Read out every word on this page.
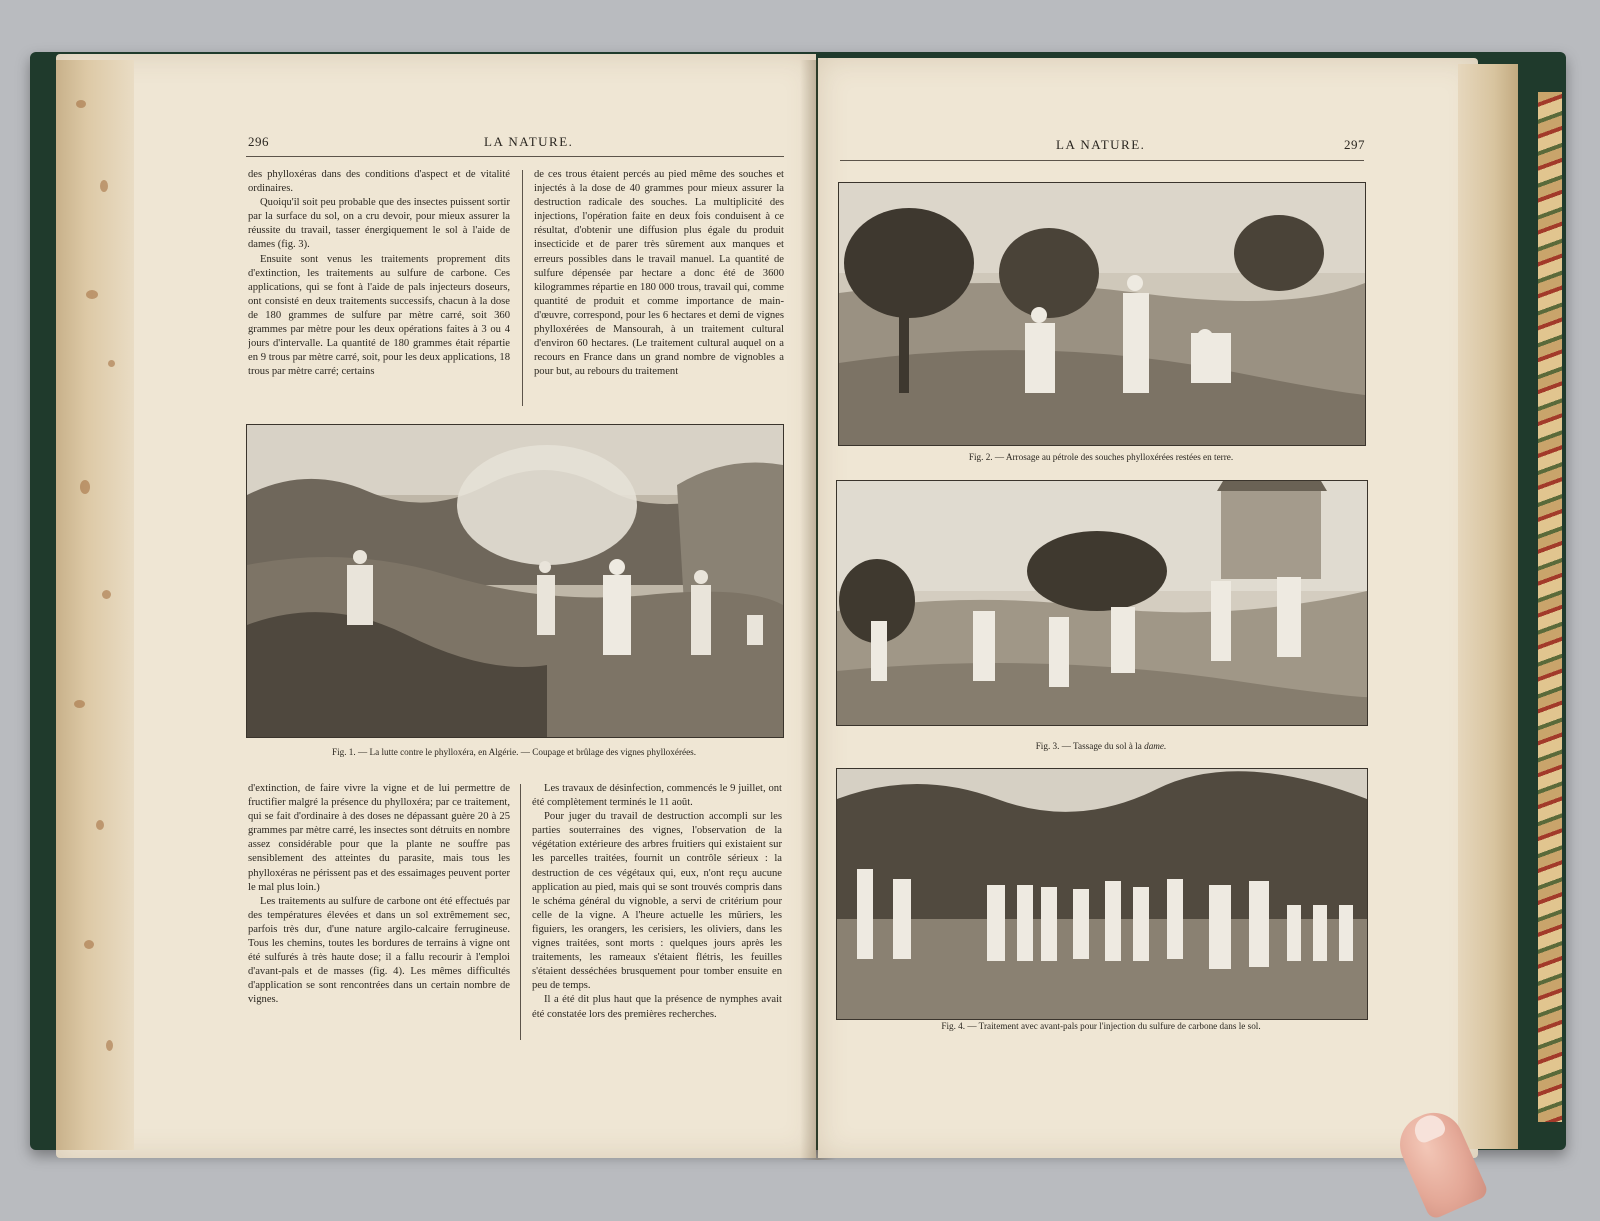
296	LA NATURE.

des phylloxéras dans des conditions d'aspect et de vitalité ordinaires.

Quoiqu'il soit peu probable que des insectes puissent sortir par la surface du sol, on a cru devoir, pour mieux assurer la réussite du travail, tasser énergiquement le sol à l'aide de dames (fig. 3).

Ensuite sont venus les traitements proprement dits d'extinction, les traitements au sulfure de carbone. Ces applications, qui se font à l'aide de pals injecteurs doseurs, ont consisté en deux traitements successifs, chacun à la dose de 180 grammes de sulfure par mètre carré, soit 360 grammes par mètre pour les deux opérations faites à 3 ou 4 jours d'intervalle. La quantité de 180 grammes était répartie en 9 trous par mètre carré, soit, pour les deux applications, 18 trous par mètre carré; certains

de ces trous étaient percés au pied même des souches et injectés à la dose de 40 grammes pour mieux assurer la destruction radicale des souches. La multiplicité des injections, l'opération faite en deux fois conduisent à ce résultat, d'obtenir une diffusion plus égale du produit insecticide et de parer très sûrement aux manques et erreurs possibles dans le travail manuel. La quantité de sulfure dépensée par hectare a donc été de 3600 kilogrammes répartie en 180 000 trous, travail qui, comme quantité de produit et comme importance de main-d'œuvre, correspond, pour les 6 hectares et demi de vignes phylloxérées de Mansourah, à un traitement cultural d'environ 60 hectares. (Le traitement cultural auquel on a recours en France dans un grand nombre de vignobles a pour but, au rebours du traitement

Fig. 1. — La lutte contre le phylloxéra, en Algérie. — Coupage et brûlage des vignes phylloxérées.

d'extinction, de faire vivre la vigne et de lui permettre de fructifier malgré la présence du phylloxéra; par ce traitement, qui se fait d'ordinaire à des doses ne dépassant guère 20 à 25 grammes par mètre carré, les insectes sont détruits en nombre assez considérable pour que la plante ne souffre pas sensiblement des atteintes du parasite, mais tous les phylloxéras ne périssent pas et des essaimages peuvent porter le mal plus loin.)

Les traitements au sulfure de carbone ont été effectués par des températures élevées et dans un sol extrêmement sec, parfois très dur, d'une nature argilo-calcaire ferrugineuse. Tous les chemins, toutes les bordures de terrains à vigne ont été sulfurés à très haute dose; il a fallu recourir à l'emploi d'avant-pals et de masses (fig. 4). Les mêmes difficultés d'application se sont rencontrées dans un certain nombre de vignes.

Les travaux de désinfection, commencés le 9 juillet, ont été complètement terminés le 11 août.

Pour juger du travail de destruction accompli sur les parties souterraines des vignes, l'observation de la végétation extérieure des arbres fruitiers qui existaient sur les parcelles traitées, fournit un contrôle sérieux : la destruction de ces végétaux qui, eux, n'ont reçu aucune application au pied, mais qui se sont trouvés compris dans le schéma général du vignoble, a servi de critérium pour celle de la vigne. A l'heure actuelle les mûriers, les figuiers, les orangers, les cerisiers, les oliviers, dans les vignes traitées, sont morts : quelques jours après les traitements, les rameaux s'étaient flétris, les feuilles s'étaient desséchées brusquement pour tomber ensuite en peu de temps.

Il a été dit plus haut que la présence de nymphes avait été constatée lors des premières recherches.

LA NATURE.	297
Fig. 2. — Arrosage au pétrole des souches phylloxérées restées en terre.
Fig. 3. — Tassage du sol à la dame.
Fig. 4. — Traitement avec avant-pals pour l'injection du sulfure de carbone dans le sol.
